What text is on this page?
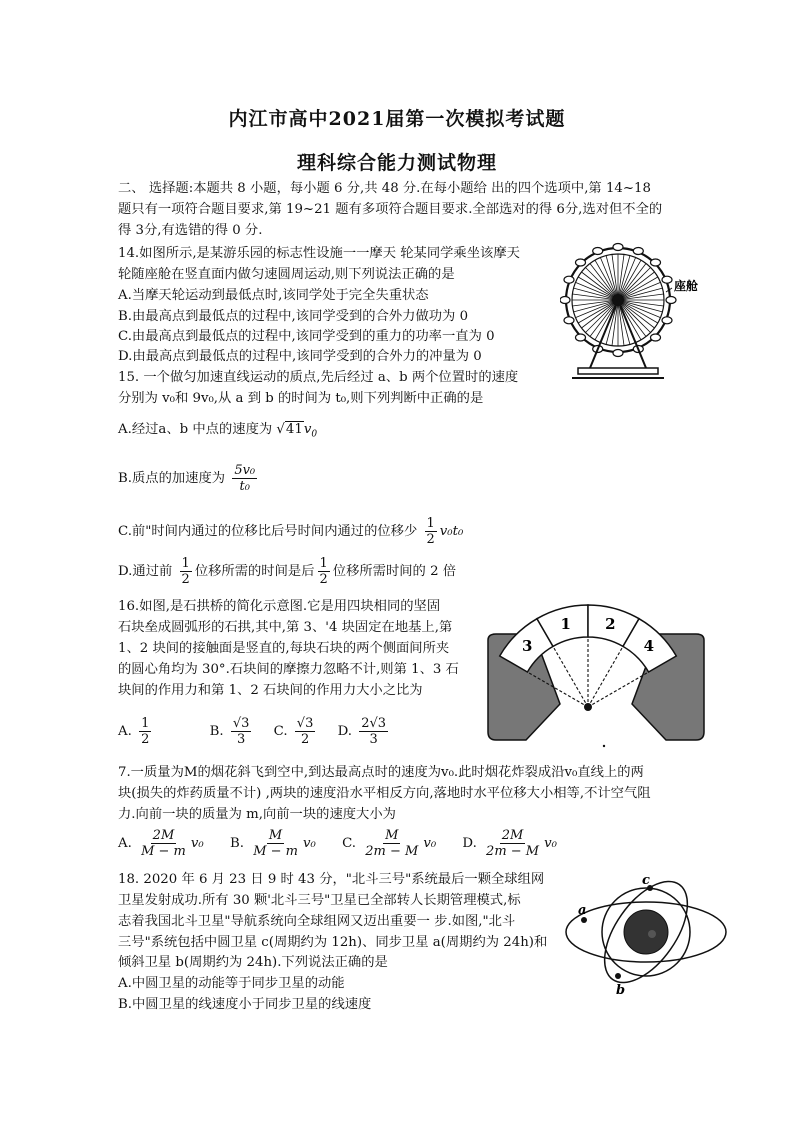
内江市高中2021届第一次模拟考试题
理科综合能力测试物理
二、 选择题:本题共 8 小题，每小题 6 分,共 48 分.在每小题给 出的四个选项中,第 14~18
题只有一项符合题目要求,第 19~21 题有多项符合题目要求.全部选对的得 6分,选对但不全的
得 3分,有选错的得 0 分.
14.如图所示,是某游乐园的标志性设施一一摩天 轮某同学乘坐该摩天
轮随座舱在竖直面内做匀速圆周运动,则下列说法正确的是
A.当摩天轮运动到最低点时,该同学处于完全失重状态
B.由最高点到最低点的过程中,该同学受到的合外力做功为 0
C.由最高点到最低点的过程中,该同学受到的重力的功率一直为 0
D.由最高点到最低点的过程中,该同学受到的合外力的冲量为 0
座舱
15. 一个做匀加速直线运动的质点,先后经过 a、b 两个位置时的速度
分别为 v₀和 9v₀,从 a 到 b 的时间为 t₀,则下列判断中正确的是
A.经过a、b 中点的速度为 $√41v_0$
B.质点的加速度为 $\frac{\text{5v₀}}{\text{t₀}}$
C.前"时间内通过的位移比后号时间内通过的位移少 $\frac{1}{2} v_0t_0$
D.通过前 $\frac{1}{2}$ 位移所需的时间是后 $\frac{1}{2}$ 位移所需时间的 2 倍
16.如图,是石拱桥的简化示意图.它是用四块相同的坚固
石块垒成圆弧形的石拱,其中,第 3、'4 块固定在地基上,第
1、2 块间的接触面是竖直的,每块石块的两个侧面间所夹
的圆心角均为 30°.石块间的摩擦力忽略不计,则第 1、3 石
块间的作用力和第 1、2 石块间的作用力大小之比为
A. $\frac{1}{2}$	B. $\frac{√3}{3} C$. $\frac{√3}{2} D$. $\frac{2√3}{3}$
3
1 2
4
7.一质量为M的烟花斜飞到空中,到达最高点时的速度为v₀.此时烟花炸裂成沿v₀直线上的两
块(损失的炸药质量不计) ,两块的速度沿水平相反方向,落地时水平位移大小相等,不计空气阻
力.向前一块的质量为 m,向前一块的速度大小为
A. $\frac{2M}{M - m} v_0$ B. $\frac{M}{M - m} v_0$ C. $\frac{M}{2m - M} v_0$ D. $\frac{2M}{2m - M} v_0$
18. 2020 年 6 月 23 日 9 时 43 分，"北斗三号"系统最后一颗全球组网
卫星发射成功.所有 30 颗'北斗三号"卫星已全部转人长期管理模式,标
志着我国北斗卫星"导航系统向全球组网又迈出重要一 步.如图,"北斗
三号"系统包括中圆卫星 c(周期约为 12h)、同步卫星 a(周期约为 24h)和
倾斜卫星 b(周期约为 24h).下列说法正确的是
A.中圆卫星的动能等于同步卫星的动能
B.中圆卫星的线速度小于同步卫星的线速度
a
b
c
